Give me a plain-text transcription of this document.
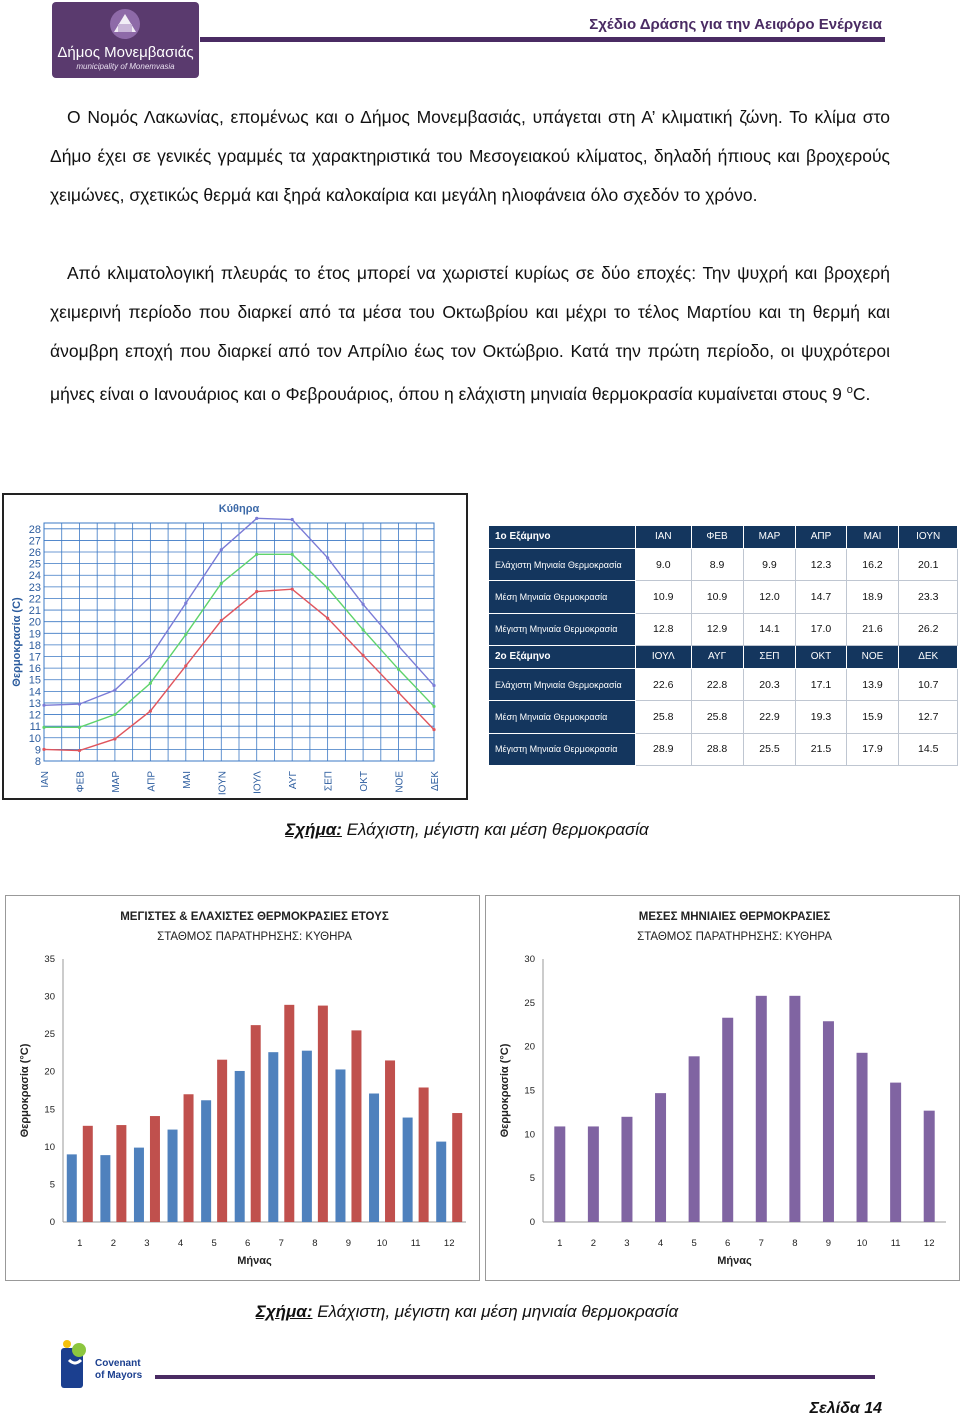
Δήμος Μονεμβασιάς
municipality of Monemvasia
Σχέδιο Δράσης για την Αειφόρο Ενέργεια
Ο Νομός Λακωνίας, επομένως και ο Δήμος Μονεμβασιάς, υπάγεται στη Α’ κλιματική ζώνη. Το κλίμα στο Δήμο έχει σε γενικές γραμμές τα χαρακτηριστικά του Μεσογειακού κλίματος, δηλαδή ήπιους και βροχερούς χειμώνες, σχετικώς θερμά και ξηρά καλοκαίρια και μεγάλη ηλιοφάνεια όλο σχεδόν το χρόνο.
Από κλιματολογική πλευράς το έτος μπορεί να χωριστεί κυρίως σε δύο εποχές: Την ψυχρή και βροχερή χειμερινή περίοδο που διαρκεί από τα μέσα του Οκτωβρίου και μέχρι το τέλος Μαρτίου και τη θερμή και άνομβρη εποχή που διαρκεί από τον Απρίλιο έως τον Οκτώβριο. Κατά την πρώτη περίοδο, οι ψυχρότεροι μήνες είναι ο Ιανουάριος και ο Φεβρουάριος, όπου η ελάχιστη μηνιαία θερμοκρασία κυμαίνεται στους 9 $^o$C.
Κύθηρα
8
9
10
11
12
13
14
15
16
17
18
19
20
21
22
23
24
25
26
27
28
Θερμοκρασία (C)
ΙΑΝ ΦΕΒ ΜΑΡ ΑΠΡ ΜΑΙ ΙΟΥΝ ΙΟΥΛ ΑΥΓ ΣΕΠ ΟΚΤ ΝΟΕ ΔΕΚ
1ο Εξάμηνο	ΙΑΝ	ΦΕΒ	ΜΑΡ	ΑΠΡ	ΜΑΙ	ΙΟΥΝ
Ελάχιστη Μηνιαία Θερμοκρασία	9.0	8.9	9.9	12.3	16.2	20.1
Μέση Μηνιαία Θερμοκρασία	10.9	10.9	12.0	14.7	18.9	23.3
Μέγιστη Μηνιαία Θερμοκρασία	12.8	12.9	14.1	17.0	21.6	26.2
2ο Εξάμηνο	ΙΟΥΛ	ΑΥΓ	ΣΕΠ	ΟΚΤ	ΝΟΕ	ΔΕΚ
Ελάχιστη Μηνιαία Θερμοκρασία	22.6	22.8	20.3	17.1	13.9	10.7
Μέση Μηνιαία Θερμοκρασία	25.8	25.8	22.9	19.3	15.9	12.7
Μέγιστη Μηνιαία Θερμοκρασία	28.9	28.8	25.5	21.5	17.9	14.5
Σχήμα: Ελάχιστη, μέγιστη και μέση θερμοκρασία
ΜΕΓΙΣΤΕΣ & ΕΛΑΧΙΣΤΕΣ ΘΕΡΜΟΚΡΑΣΙΕΣ ΕΤΟΥΣ
ΣΤΑΘΜΟΣ ΠΑΡΑΤΗΡΗΣΗΣ: ΚΥΘΗΡΑ
0
5
10
15
20
25
30
35
Θερμοκρασία (°C)
Μήνας
1	2	3	4	5	6	7	8	9	10 11 12
ΜΕΣΕΣ ΜΗΝΙΑΙΕΣ ΘΕΡΜΟΚΡΑΣΙΕΣ
ΣΤΑΘΜΟΣ ΠΑΡΑΤΗΡΗΣΗΣ: ΚΥΘΗΡΑ
0
5
10
15
20
25
30
Θερμοκρασία (°C)
Μήνας
1	2	3	4	5	6	7	8	9	10 11 12
Σχήμα: Ελάχιστη, μέγιστη και μέση μηνιαία θερμοκρασία
Covenant
of Mayors
Σελίδα 14
